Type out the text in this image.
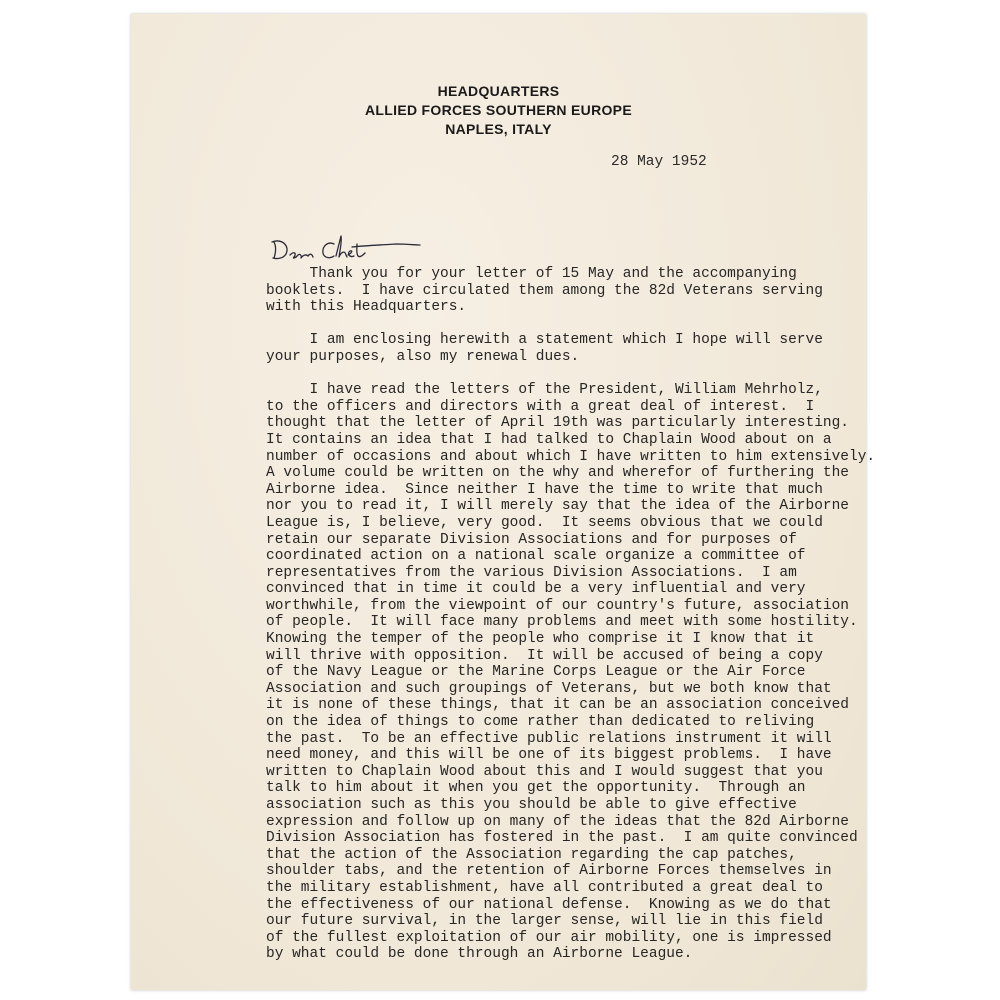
HEADQUARTERS
ALLIED FORCES SOUTHERN EUROPE
NAPLES, ITALY
28 May 1952
Dear Chet
Thank you for your letter of 15 May and the accompanying
booklets.  I have circulated them among the 82d Veterans serving
with this Headquarters.
I am enclosing herewith a statement which I hope will serve
your purposes, also my renewal dues.
I have read the letters of the President, William Mehrholz,
to the officers and directors with a great deal of interest.  I
thought that the letter of April 19th was particularly interesting.
It contains an idea that I had talked to Chaplain Wood about on a
number of occasions and about which I have written to him extensively.
A volume could be written on the why and wherefor of furthering the
Airborne idea.  Since neither I have the time to write that much
nor you to read it, I will merely say that the idea of the Airborne
League is, I believe, very good.  It seems obvious that we could
retain our separate Division Associations and for purposes of
coordinated action on a national scale organize a committee of
representatives from the various Division Associations.  I am
convinced that in time it could be a very influential and very
worthwhile, from the viewpoint of our country's future, association
of people.  It will face many problems and meet with some hostility.
Knowing the temper of the people who comprise it I know that it
will thrive with opposition.  It will be accused of being a copy
of the Navy League or the Marine Corps League or the Air Force
Association and such groupings of Veterans, but we both know that
it is none of these things, that it can be an association conceived
on the idea of things to come rather than dedicated to reliving
the past.  To be an effective public relations instrument it will
need money, and this will be one of its biggest problems.  I have
written to Chaplain Wood about this and I would suggest that you
talk to him about it when you get the opportunity.  Through an
association such as this you should be able to give effective
expression and follow up on many of the ideas that the 82d Airborne
Division Association has fostered in the past.  I am quite convinced
that the action of the Association regarding the cap patches,
shoulder tabs, and the retention of Airborne Forces themselves in
the military establishment, have all contributed a great deal to
the effectiveness of our national defense.  Knowing as we do that
our future survival, in the larger sense, will lie in this field
of the fullest exploitation of our air mobility, one is impressed
by what could be done through an Airborne League.
